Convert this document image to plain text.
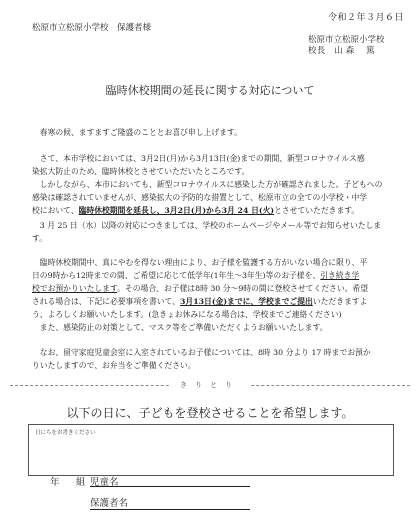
令和２年３月６日
松原市立松原小学校　保護者様
松原市立松原小学校
校長　山 森　 篤
臨時休校期間の延長に関する対応について
　春寒の候、ますますご隆盛のこととお喜び申し上げます。
　さて、本市学校においては、3月2日(月)から3月13日(金)までの期間、新型コロナウイルス感
染拡大防止のため、臨時休校とさせていただいたところです。
　しかしながら、本市においても、新型コロナウイルスに感染した方が確認されました。子どもへの
感染は確認されていませんが、感染拡大の予防的な措置として、松原市立の全ての小学校・中学
校において、臨時休校期間を延長し、3月2日(月)から3月 24 日(火)とさせていただきます。
　3 月 25 日（水）以降の対応につきましては、学校のホームページやメール等でお知らせいたしま
す。
　臨時休校期間中、真にやむを得ない理由により、お子様を監護する方がいない場合に限り、平
日の9時から12時までの間、ご希望に応じて低学年(1年生～3年生)等のお子様を、引き続き学
校でお預かりいたします。その場合、お子様は8時 30 分～9時の間に登校させてください。希望
される場合は、下記に必要事項を書いて、3月13日(金)までに、学校までご提出いただきますよ
う、よろしくお願いいたします。(急きょお休みになる場合は、学校までご連絡ください)
　また、感染防止の対策として、マスク等をご準備いただくようお願いいたします。
　なお、留守家庭児童会室に入室されているお子様については、8時 30 分より 17 時までお預か
りいたしますので、お弁当をご準備ください。
きりとり
以下の日に、子どもを登校させることを希望します。
日にちをお書きください
年 組 児童名
保護者名
